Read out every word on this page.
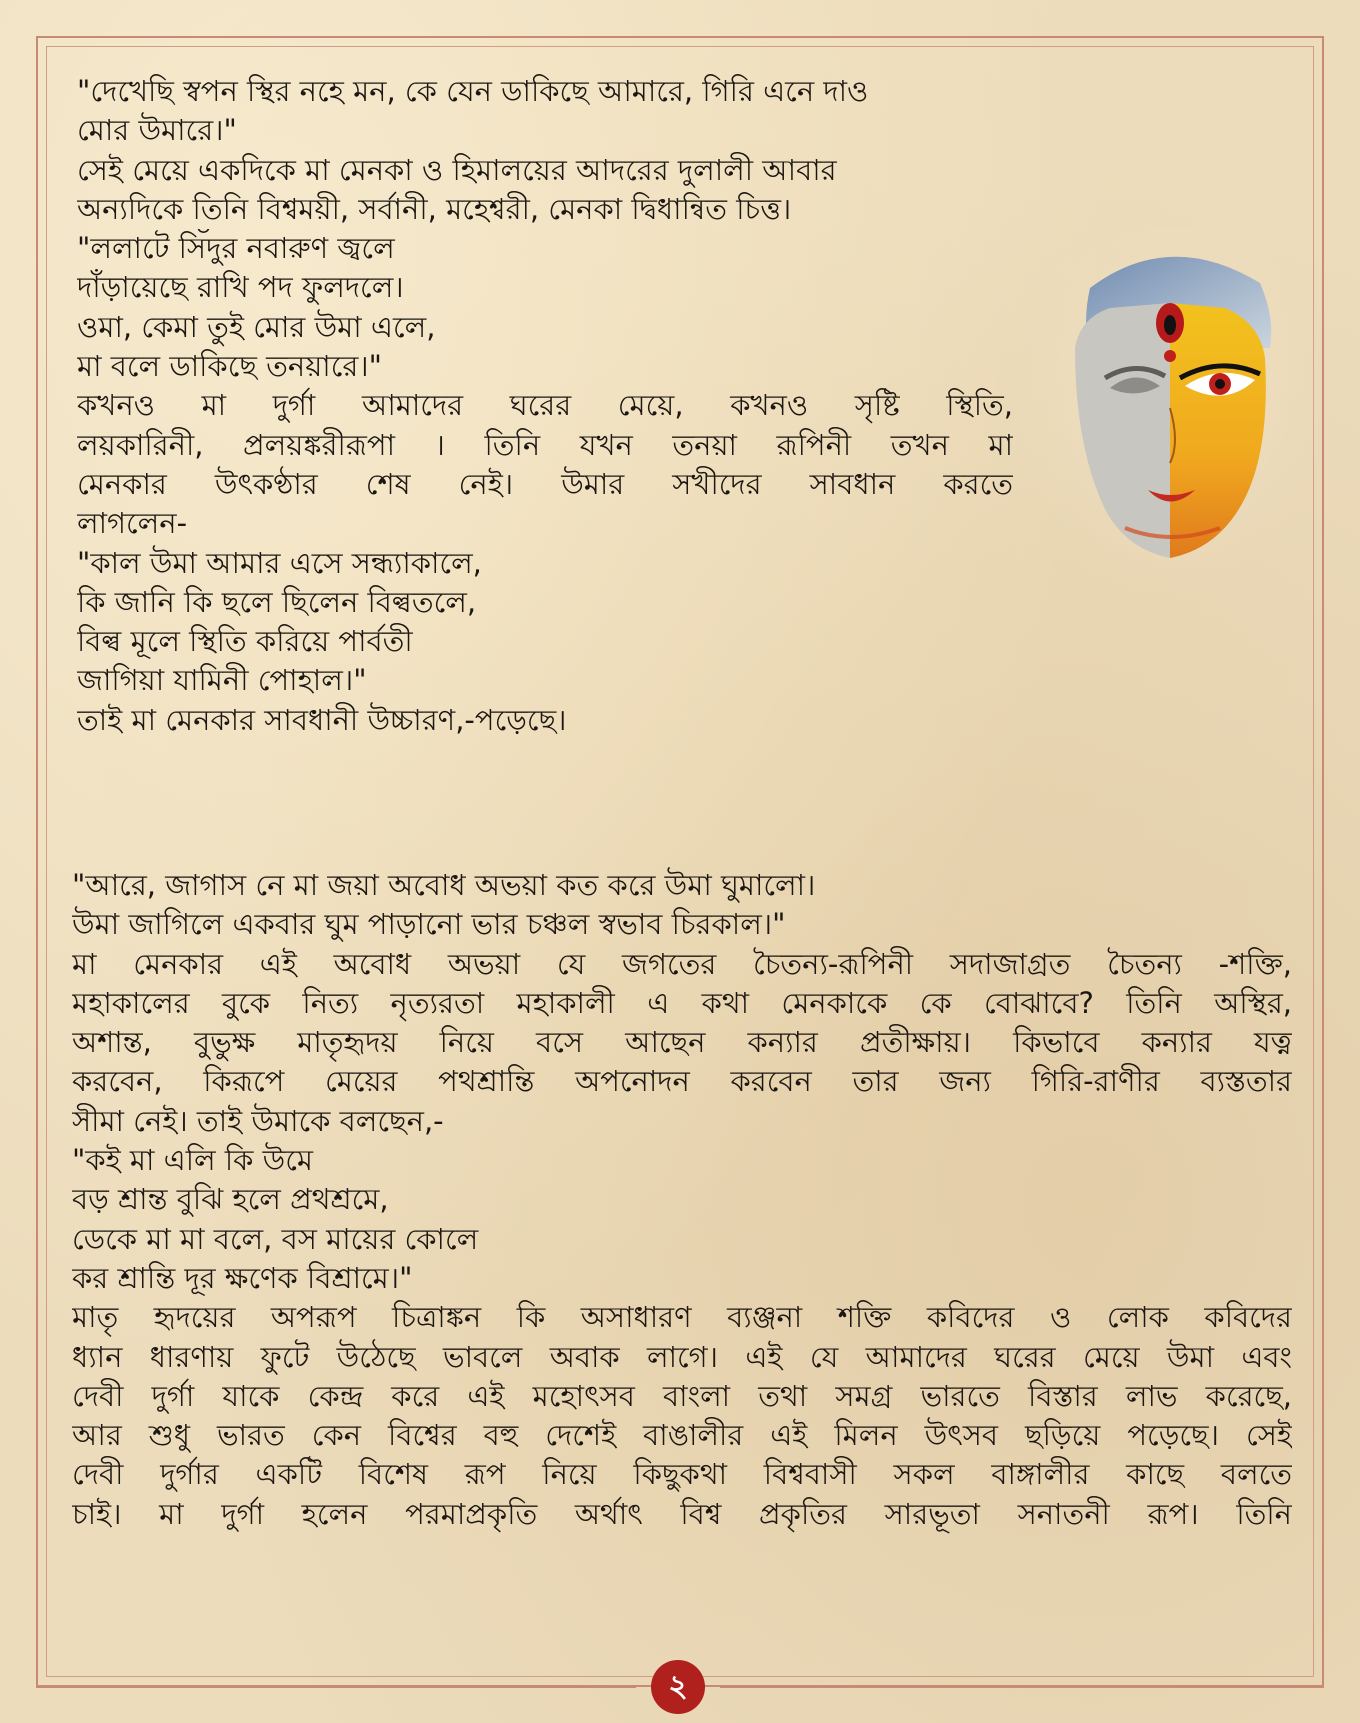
"দেখেছি স্বপন স্থির নহে মন, কে যেন ডাকিছে আমারে, গিরি এনে দাও
মোর উমারে।"
সেই মেয়ে একদিকে মা মেনকা ও হিমালয়ের আদরের দুলালী আবার
অন্যদিকে তিনি বিশ্বময়ী, সর্বানী, মহেশ্বরী, মেনকা দ্বিধান্বিত চিত্ত।
"ললাটে সিঁদুর নবারুণ জ্বলে
দাঁড়ায়েছে রাখি পদ ফুলদলে।
ওমা, কেমা তুই মোর উমা এলে,
মা বলে ডাকিছে তনয়ারে।"
কখনও মা দুর্গা আমাদের ঘরের মেয়ে, কখনও সৃষ্টি স্থিতি,
লয়কারিনী, প্রলয়ঙ্করীরূপা । তিনি যখন তনয়া রূপিনী তখন মা
মেনকার উৎকণ্ঠার শেষ নেই। উমার সখীদের সাবধান করতে
লাগলেন-
"কাল উমা আমার এসে সন্ধ্যাকালে,
কি জানি কি ছলে ছিলেন বিল্বতলে,
বিল্ব মূলে স্থিতি করিয়ে পার্বতী
জাগিয়া যামিনী পোহাল।"
তাই মা মেনকার সাবধানী উচ্চারণ,-পড়েছে।
"আরে, জাগাস নে মা জয়া অবোধ অভয়া কত করে উমা ঘুমালো।
উমা জাগিলে একবার ঘুম পাড়ানো ভার চঞ্চল স্বভাব চিরকাল।"
মা মেনকার এই অবোধ অভয়া যে জগতের চৈতন্য-রূপিনী সদাজাগ্রত চৈতন্য -শক্তি,
মহাকালের বুকে নিত্য নৃত্যরতা মহাকালী এ কথা মেনকাকে কে বোঝাবে? তিনি অস্থির,
অশান্ত, বুভুক্ষ মাতৃহৃদয় নিয়ে বসে আছেন কন্যার প্রতীক্ষায়। কিভাবে কন্যার যত্ন
করবেন, কিরূপে মেয়ের পথশ্রান্তি অপনোদন করবেন তার জন্য গিরি-রাণীর ব্যস্ততার
সীমা নেই। তাই উমাকে বলছেন,-
"কই মা এলি কি উমে
বড় শ্রান্ত বুঝি হলে প্রথশ্রমে,
ডেকে মা মা বলে, বস মায়ের কোলে
কর শ্রান্তি দূর ক্ষণেক বিশ্রামে।"
মাতৃ হৃদয়ের অপরূপ চিত্রাঙ্কন কি অসাধারণ ব্যঞ্জনা শক্তি কবিদের ও লোক কবিদের
ধ্যান ধারণায় ফুটে উঠেছে ভাবলে অবাক লাগে। এই যে আমাদের ঘরের মেয়ে উমা এবং
দেবী দুর্গা যাকে কেন্দ্র করে এই মহোৎসব বাংলা তথা সমগ্র ভারতে বিস্তার লাভ করেছে,
আর শুধু ভারত কেন বিশ্বের বহু দেশেই বাঙালীর এই মিলন উৎসব ছড়িয়ে পড়েছে। সেই
দেবী দুর্গার একটি বিশেষ রূপ নিয়ে কিছুকথা বিশ্ববাসী সকল বাঙ্গালীর কাছে বলতে
চাই। মা দুর্গা হলেন পরমাপ্রকৃতি অর্থাৎ বিশ্ব প্রকৃতির সারভূতা সনাতনী রূপ। তিনি
২
